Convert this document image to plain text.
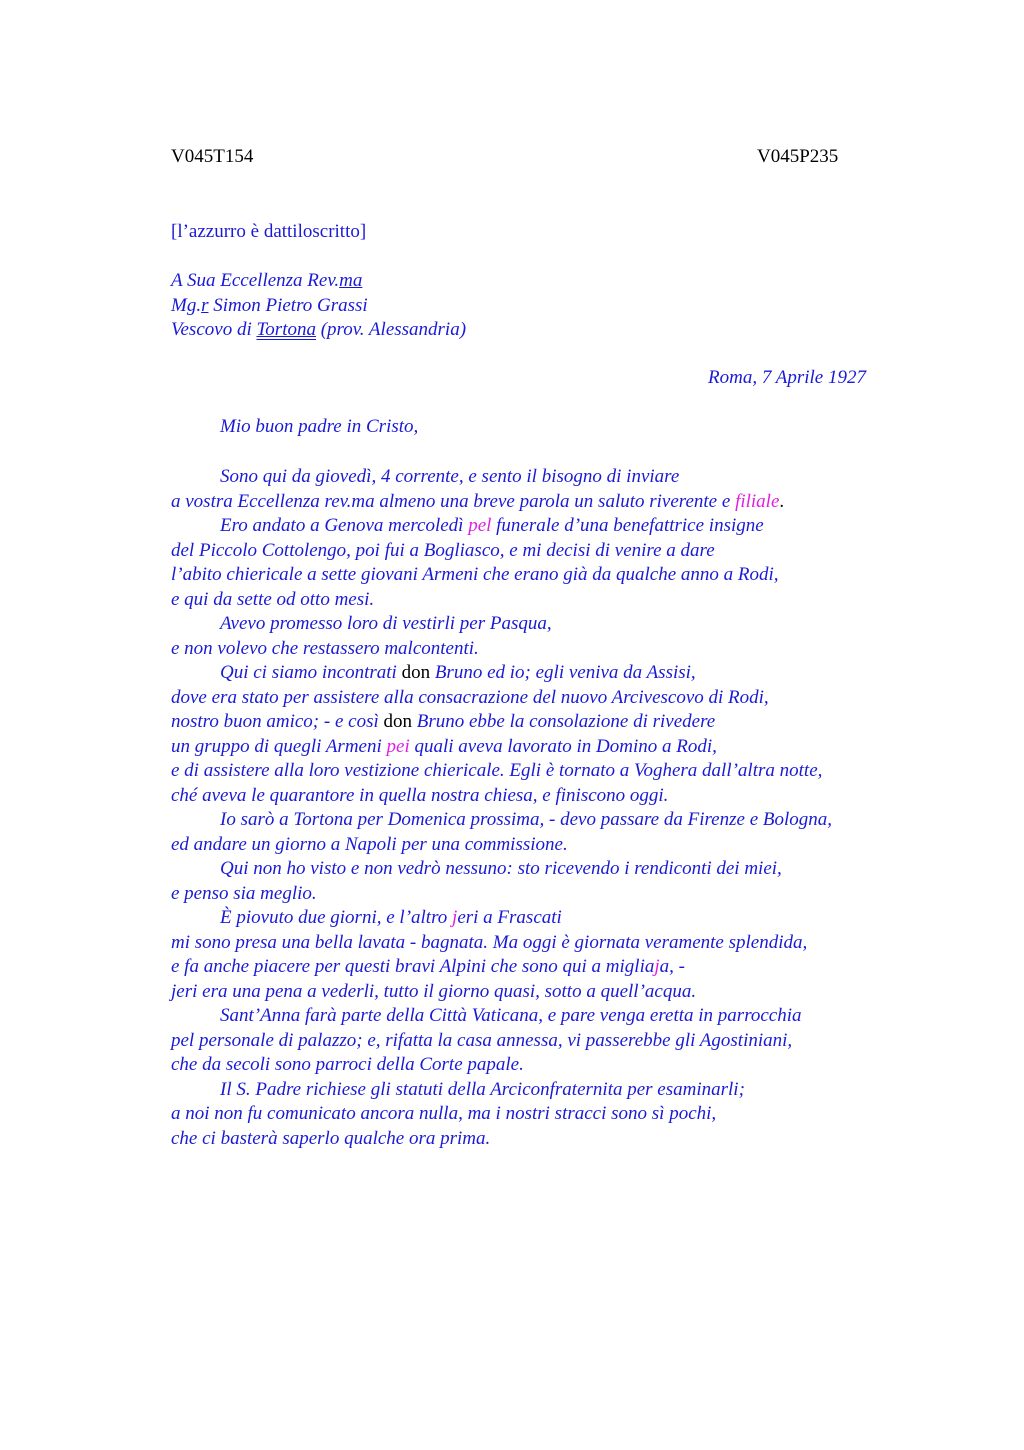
V045T154	V045P235
[l’azzurro è dattiloscritto]
A Sua Eccellenza Rev.ma
Mg.r Simon Pietro Grassi
Vescovo di Tortona (prov. Alessandria)
Roma, 7 Aprile 1927
Mio buon padre in Cristo,
Sono qui da giovedì, 4 corrente, e sento il bisogno di inviare
a vostra Eccellenza rev.ma almeno una breve parola un saluto riverente e filiale.
Ero andato a Genova mercoledì pel funerale d’una benefattrice insigne
del Piccolo Cottolengo, poi fui a Bogliasco, e mi decisi di venire a dare
l’abito chiericale a sette giovani Armeni che erano già da qualche anno a Rodi,
e qui da sette od otto mesi.
Avevo promesso loro di vestirli per Pasqua,
e non volevo che restassero malcontenti.
Qui ci siamo incontrati don Bruno ed io; egli veniva da Assisi,
dove era stato per assistere alla consacrazione del nuovo Arcivescovo di Rodi,
nostro buon amico; - e così don Bruno ebbe la consolazione di rivedere
un gruppo di quegli Armeni pei quali aveva lavorato in Domino a Rodi,
e di assistere alla loro vestizione chiericale. Egli è tornato a Voghera dall’altra notte,
ché aveva le quarantore in quella nostra chiesa, e finiscono oggi.
Io sarò a Tortona per Domenica prossima, - devo passare da Firenze e Bologna,
ed andare un giorno a Napoli per una commissione.
Qui non ho visto e non vedrò nessuno: sto ricevendo i rendiconti dei miei,
e penso sia meglio.
È piovuto due giorni, e l’altro jeri a Frascati
mi sono presa una bella lavata - bagnata. Ma oggi è giornata veramente splendida,
e fa anche piacere per questi bravi Alpini che sono qui a migliaja, -
jeri era una pena a vederli, tutto il giorno quasi, sotto a quell’acqua.
Sant’Anna farà parte della Città Vaticana, e pare venga eretta in parrocchia
pel personale di palazzo; e, rifatta la casa annessa, vi passerebbe gli Agostiniani,
che da secoli sono parroci della Corte papale.
Il S. Padre richiese gli statuti della Arciconfraternita per esaminarli;
a noi non fu comunicato ancora nulla, ma i nostri stracci sono sì pochi,
che ci basterà saperlo qualche ora prima.
